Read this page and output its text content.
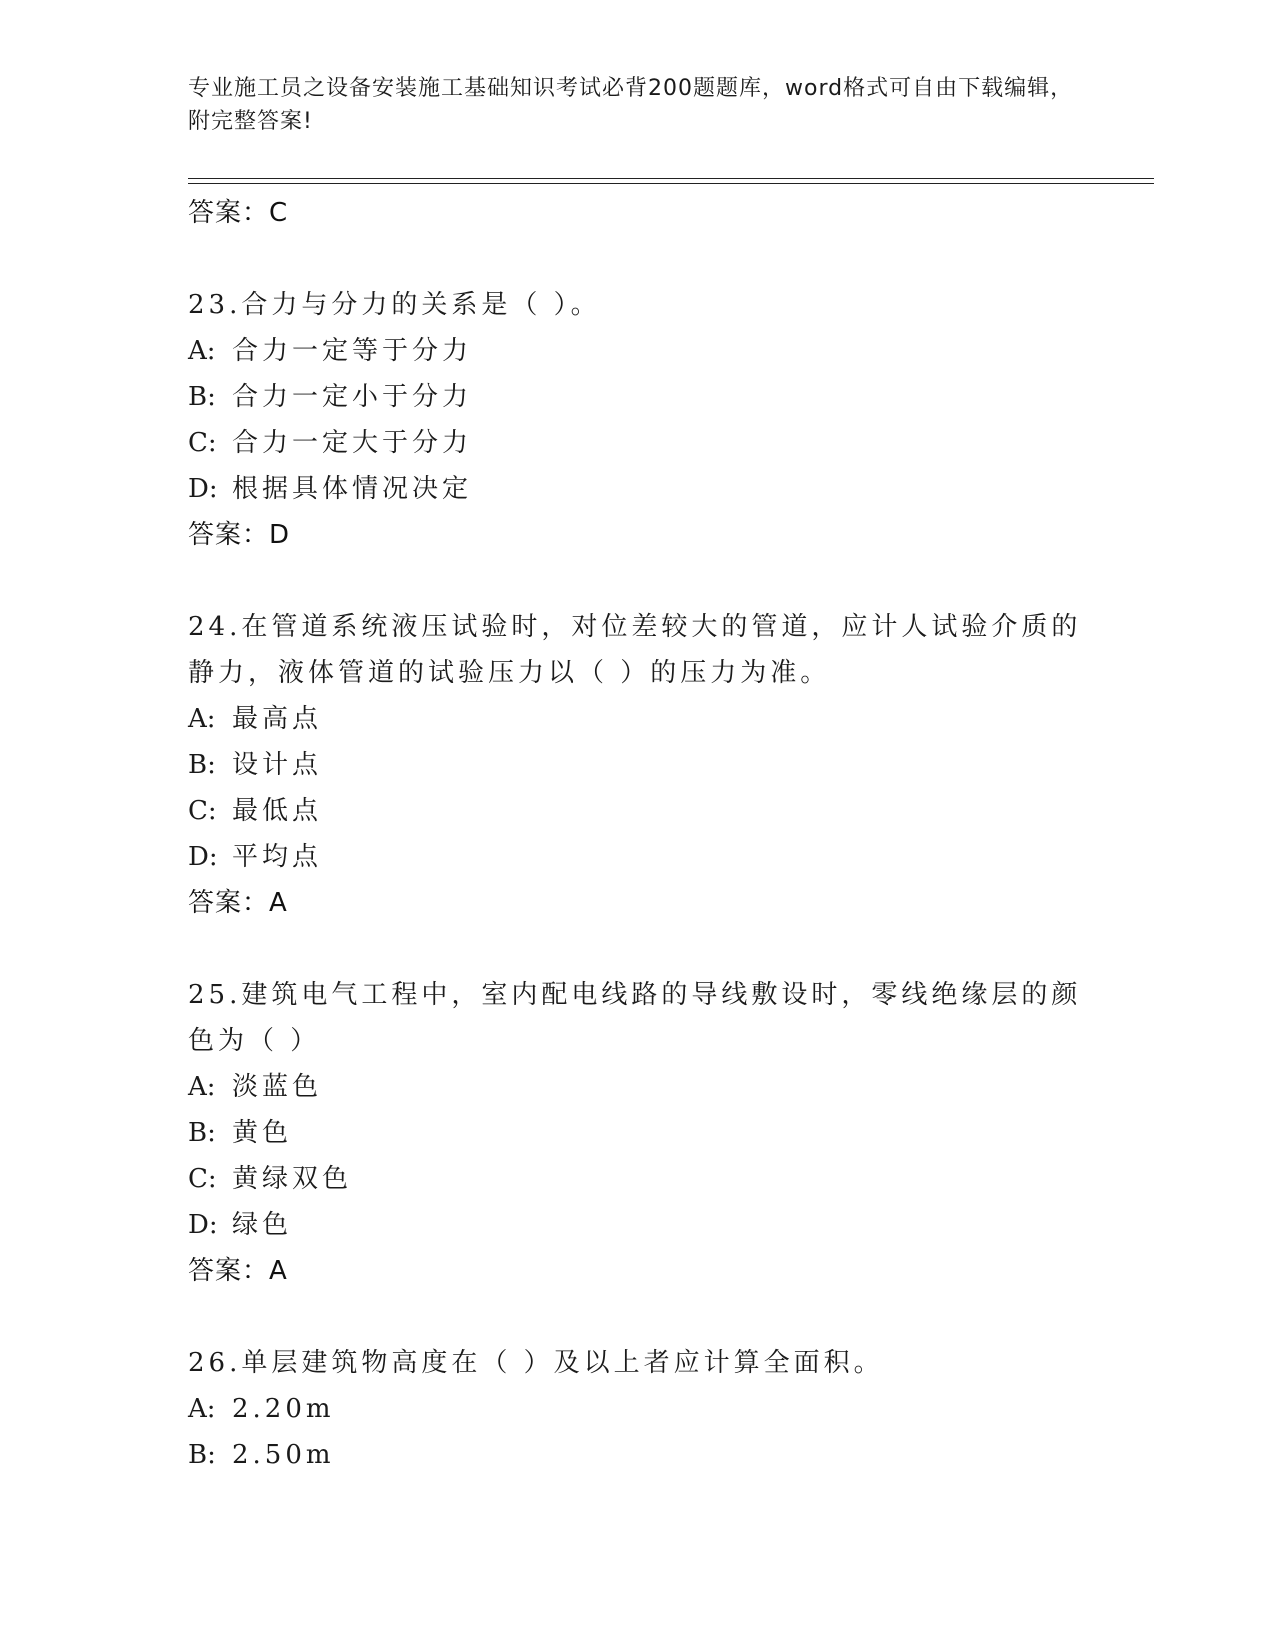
专业施工员之设备安装施工基础知识考试必背200题题库，word格式可自由下载编辑，附完整答案!
答案：C
23.合力与分力的关系是（ ）。
A: 合力一定等于分力
B: 合力一定小于分力
C: 合力一定大于分力
D: 根据具体情况决定
答案：D
24.在管道系统液压试验时，对位差较大的管道，应计人试验介质的静力，液体管道的试验压力以（ ）的压力为准。
A: 最高点
B: 设计点
C: 最低点
D: 平均点
答案：A
25.建筑电气工程中，室内配电线路的导线敷设时，零线绝缘层的颜色为（ ）
A: 淡蓝色
B: 黄色
C: 黄绿双色
D: 绿色
答案：A
26.单层建筑物高度在（ ）及以上者应计算全面积。
A: 2.20m
B: 2.50m
